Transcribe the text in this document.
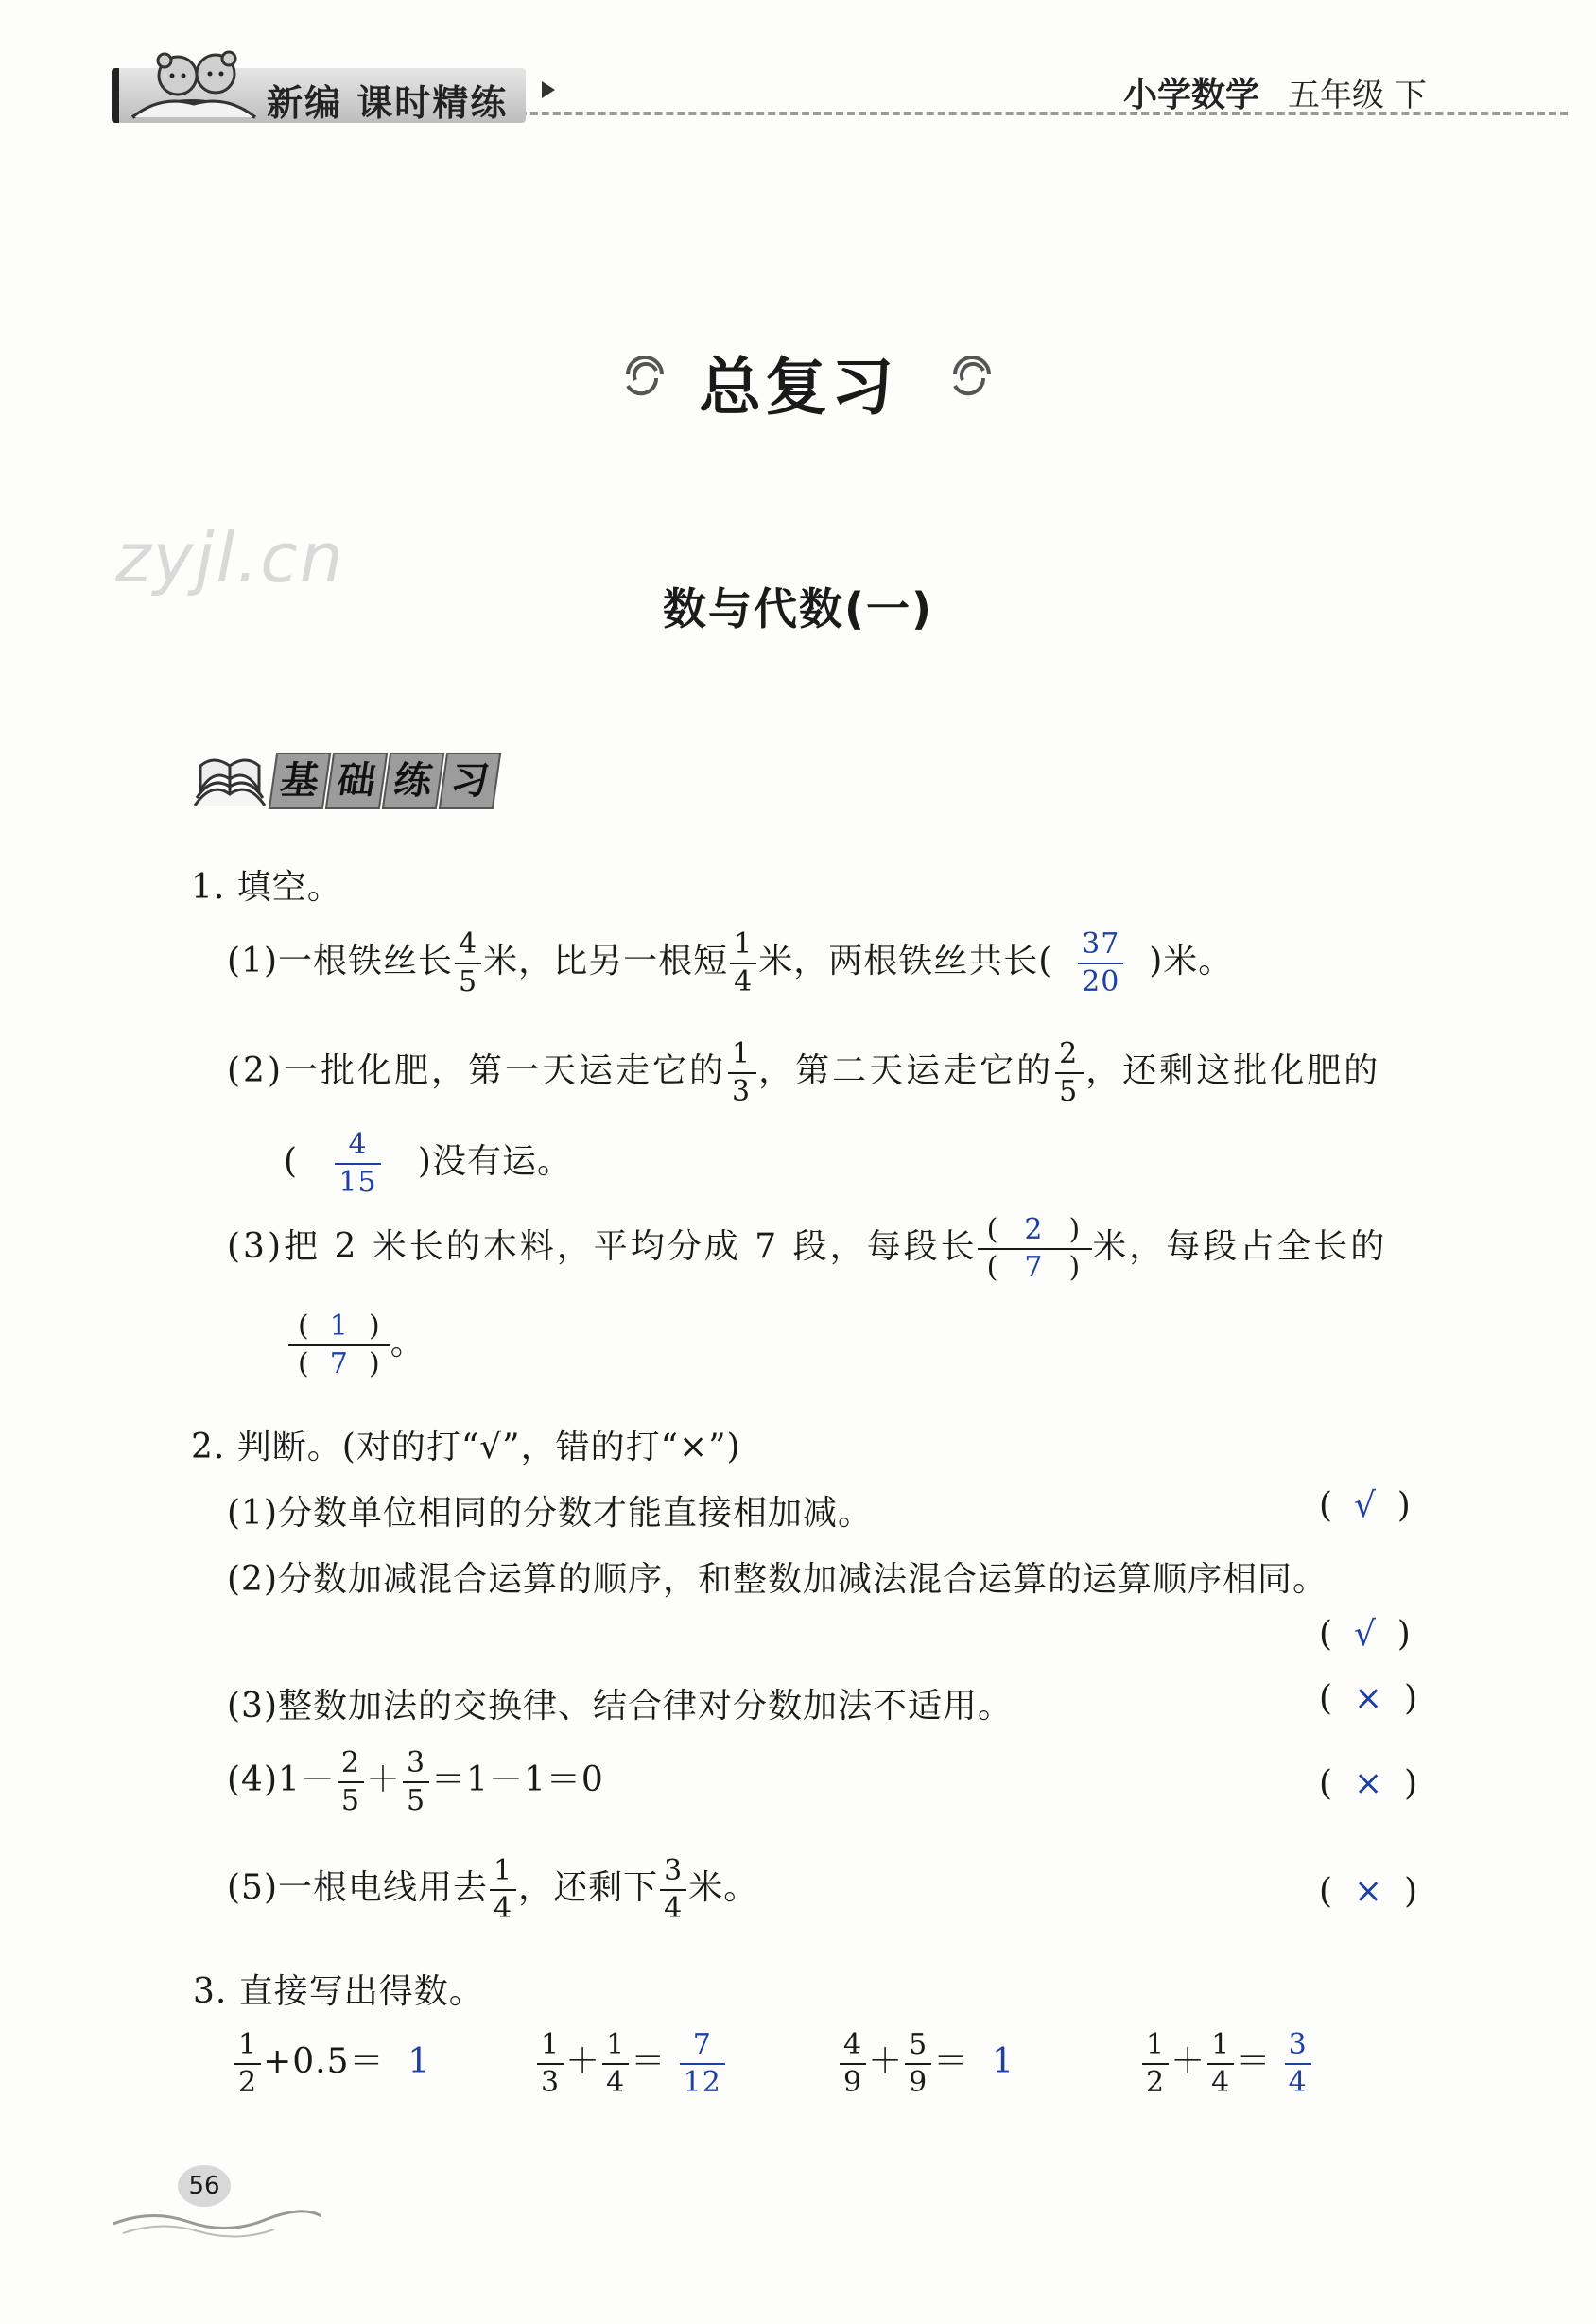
新编 课时精练	小学数学 五年级 下
总复习
zyjl.cn
数与代数(一)
基 础 练 习
1. 填空。
(1)一根铁丝长 $\frac{4}{5}$ 米，比另一根短 $\frac{1}{4}$ 米，两根铁丝共长( $\frac{37}{20}$ )米。
(2)一批化肥，第一天运走它的 $\frac{1}{3}$ ，第二天运走它的 $\frac{2}{5}$ ，还剩这批化肥的
( $\frac{4}{15}$ )没有运。
(3)把 2 米长的木料，平均分成 7 段，每段长 $\frac{( 2 )}{( 7 )}$ 米，每段占全长的
$\frac{( 1 )}{( 7 )}$ 。
2. 判断。(对的打“√”，错的打“×”)
(1)分数单位相同的分数才能直接相加减。	(  √  )
(2)分数加减混合运算的顺序，和整数加减法混合运算的运算顺序相同。
(  √  )
(3)整数加法的交换律、结合律对分数加法不适用。	(  ×  )
$(4)1- \frac{2}{5} + \frac{3}{5} =1-1=0$	(  ×  )
(5)一根电线用去 $\frac{1}{4}$ ，还剩下 $\frac{3}{4}$ 米。	(  ×  )
3. 直接写出得数。
$\frac{1}{2} +0.5= 1$	$\frac{1}{3} + \frac{1}{4} = \frac{7}{12}$	$\frac{4}{9} + \frac{5}{9} = 1$	$\frac{1}{2} + \frac{1}{4} = \frac{3}{4}$
56
